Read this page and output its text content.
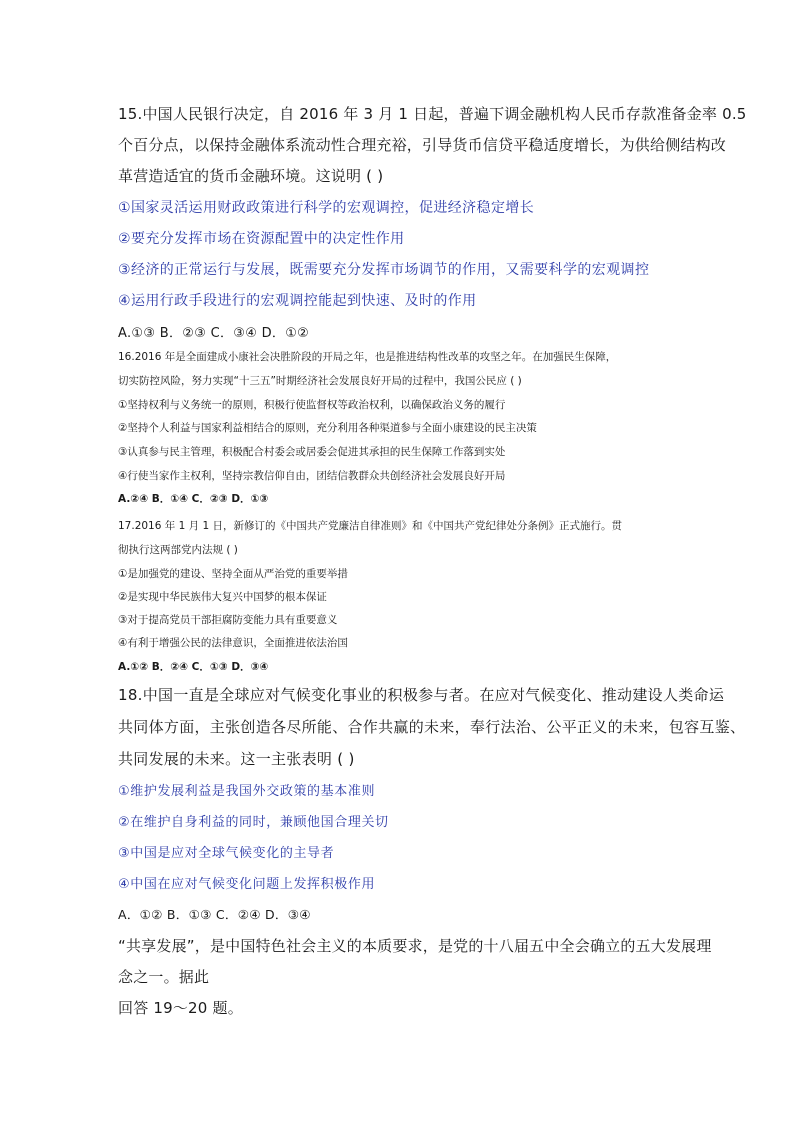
15.中国人民银行决定，自 2016 年 3 月 1 日起，普遍下调金融机构人民币存款准备金率 0.5
个百分点，以保持金融体系流动性合理充裕，引导货币信贷平稳适度增长，为供给侧结构改
革营造适宜的货币金融环境。这说明 ( )
①国家灵活运用财政政策进行科学的宏观调控，促进经济稳定增长
②要充分发挥市场在资源配置中的决定性作用
③经济的正常运行与发展，既需要充分发挥市场调节的作用，又需要科学的宏观调控
④运用行政手段进行的宏观调控能起到快速、及时的作用
A.①③ B．②③ C．③④ D．①②
16.2016 年是全面建成小康社会决胜阶段的开局之年，也是推进结构性改革的攻坚之年。在加强民生保障，
切实防控风险，努力实现“十三五”时期经济社会发展良好开局的过程中，我国公民应 ( )
①坚持权利与义务统一的原则，积极行使监督权等政治权利，以确保政治义务的履行
②坚持个人利益与国家利益相结合的原则，充分利用各种渠道参与全面小康建设的民主决策
③认真参与民主管理，积极配合村委会或居委会促进其承担的民生保障工作落到实处
④行使当家作主权利，坚持宗教信仰自由，团结信教群众共创经济社会发展良好开局
A.②④ B．①④ C．②③ D．①③
17.2016 年 1 月 1 日，新修订的《中国共产党廉洁自律准则》和《中国共产党纪律处分条例》正式施行。贯
彻执行这两部党内法规 ( )
①是加强党的建设、坚持全面从严治党的重要举措
②是实现中华民族伟大复兴中国梦的根本保证
③对于提高党员干部拒腐防变能力具有重要意义
④有利于增强公民的法律意识，全面推进依法治国
A.①② B．②④ C．①③ D．③④
18.中国一直是全球应对气候变化事业的积极参与者。在应对气候变化、推动建设人类命运
共同体方面，主张创造各尽所能、合作共赢的未来，奉行法治、公平正义的未来，包容互鉴、
共同发展的未来。这一主张表明 ( )
①维护发展利益是我国外交政策的基本准则
②在维护自身利益的同时，兼顾他国合理关切
③中国是应对全球气候变化的主导者
④中国在应对气候变化问题上发挥积极作用
A．①② B．①③ C．②④ D．③④
“共享发展”，是中国特色社会主义的本质要求，是党的十八届五中全会确立的五大发展理
念之一。据此
回答 19～20 题。
